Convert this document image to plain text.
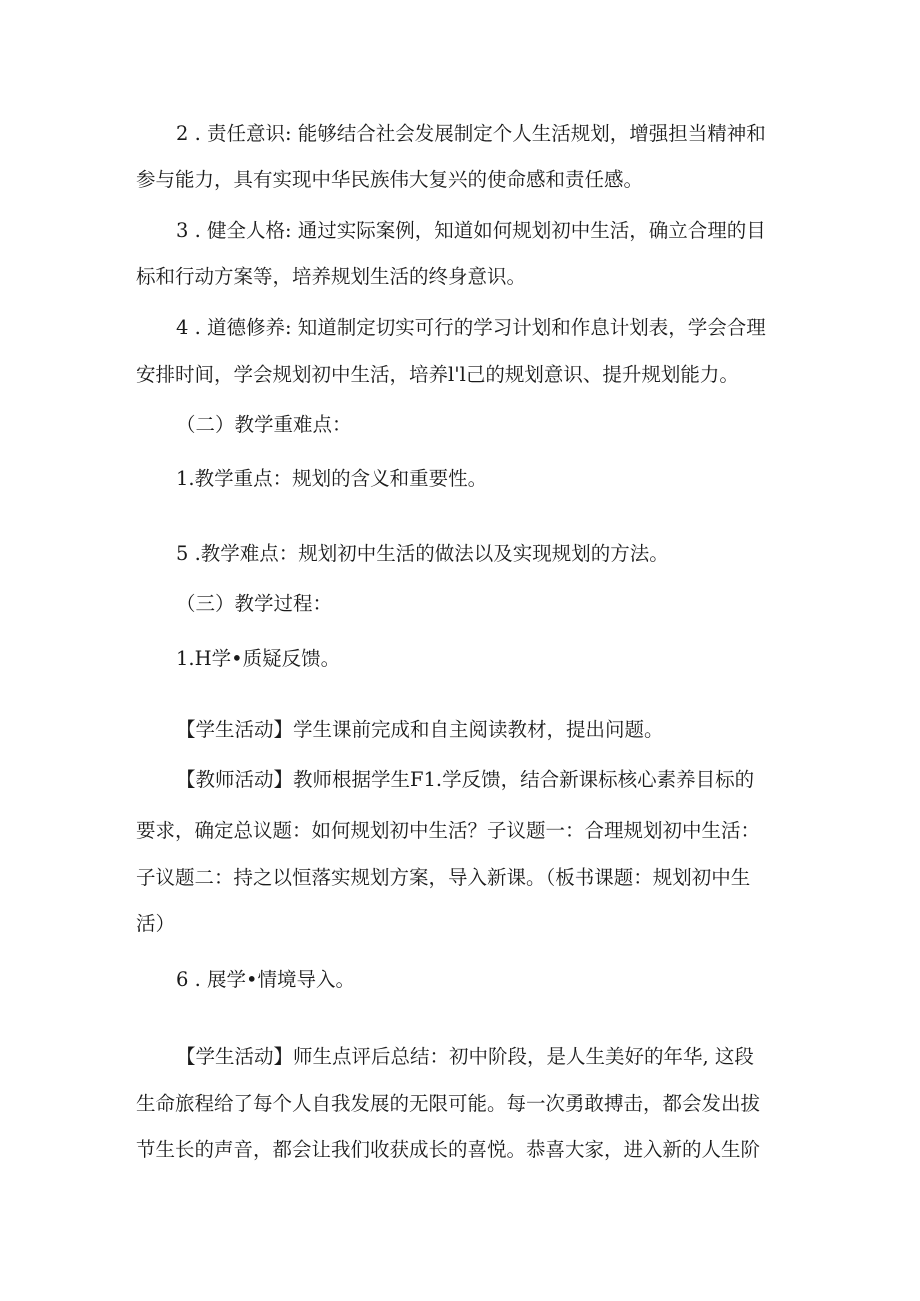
2 . 责任意识: 能够结合社会发展制定个人生活规划，增强担当精神和
参与能力，具有实现中华民族伟大复兴的使命感和责任感。
3 . 健全人格: 通过实际案例，知道如何规划初中生活，确立合理的目
标和行动方案等，培养规划生活的终身意识。
4 . 道德修养: 知道制定切实可行的学习计划和作息计划表，学会合理
安排时间，学会规划初中生活，培养l'l己的规划意识、提升规划能力。
（二）教学重难点：
1.教学重点：规划的含义和重要性。
5 .教学难点：规划初中生活的做法以及实现规划的方法。
（三）教学过程：
1.H学•质疑反馈。
【学生活动】学生课前完成和自主阅读教材，提出问题。
【教师活动】教师根据学生F1.学反馈，结合新课标核心素养目标的
要求，确定总议题：如何规划初中生活？子议题一：合理规划初中生活：
子议题二：持之以恒落实规划方案，导入新课。（板书课题：规划初中生
活）
6 . 展学•情境导入。
【学生活动】师生点评后总结：初中阶段，是人生美好的年华, 这段
生命旅程给了每个人自我发展的无限可能。每一次勇敢搏击，都会发出拔
节生长的声音，都会让我们收获成长的喜悦。恭喜大家，进入新的人生阶
